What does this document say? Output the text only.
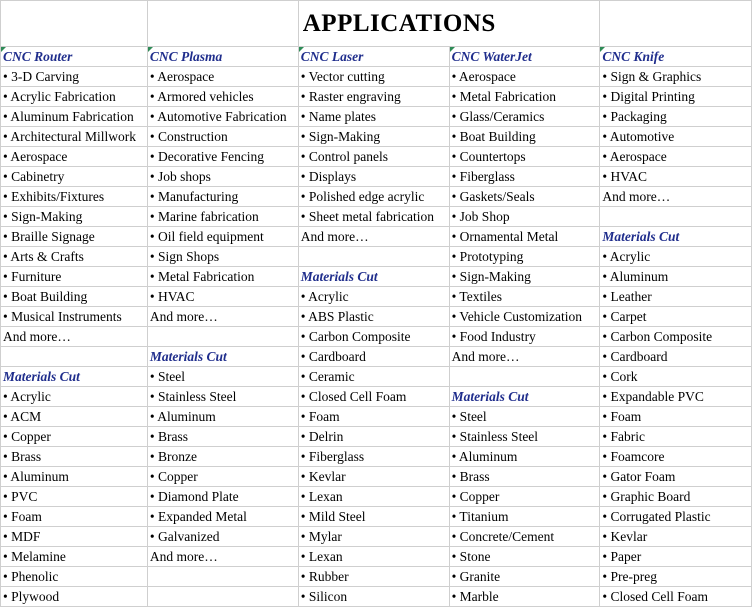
		APPLICATIONS		
CNC Router	CNC Plasma	CNC Laser	CNC WaterJet	CNC Knife
• 3-D Carving	• Aerospace	• Vector cutting	• Aerospace	• Sign & Graphics
• Acrylic Fabrication	• Armored vehicles	• Raster engraving	• Metal Fabrication	• Digital Printing
• Aluminum Fabrication	• Automotive Fabrication	• Name plates	• Glass/Ceramics	• Packaging
• Architectural Millwork	• Construction	• Sign-Making	• Boat Building	• Automotive
• Aerospace	• Decorative Fencing	• Control panels	• Countertops	• Aerospace
• Cabinetry	• Job shops	• Displays	• Fiberglass	• HVAC
• Exhibits/Fixtures	• Manufacturing	• Polished edge acrylic	• Gaskets/Seals	And more…
• Sign-Making	• Marine fabrication	• Sheet metal fabrication	• Job Shop	
• Braille Signage	• Oil field equipment	And more…	• Ornamental Metal	Materials Cut
• Arts & Crafts	• Sign Shops		• Prototyping	• Acrylic
• Furniture	• Metal Fabrication	Materials Cut	• Sign-Making	• Aluminum
• Boat Building	• HVAC	• Acrylic	• Textiles	• Leather
• Musical Instruments	And more…	• ABS Plastic	• Vehicle Customization	• Carpet
And more…		• Carbon Composite	• Food Industry	• Carbon Composite
	Materials Cut	• Cardboard	And more…	• Cardboard
Materials Cut	• Steel	• Ceramic		• Cork
• Acrylic	• Stainless Steel	• Closed Cell Foam	Materials Cut	• Expandable PVC
• ACM	• Aluminum	• Foam	• Steel	• Foam
• Copper	• Brass	• Delrin	• Stainless Steel	• Fabric
• Brass	• Bronze	• Fiberglass	• Aluminum	• Foamcore
• Aluminum	• Copper	• Kevlar	• Brass	• Gator Foam
• PVC	• Diamond Plate	• Lexan	• Copper	• Graphic Board
• Foam	• Expanded Metal	• Mild Steel	• Titanium	• Corrugated Plastic
• MDF	• Galvanized	• Mylar	• Concrete/Cement	• Kevlar
• Melamine	And more…	• Lexan	• Stone	• Paper
• Phenolic		• Rubber	• Granite	• Pre-preg
• Plywood		• Silicon	• Marble	• Closed Cell Foam
